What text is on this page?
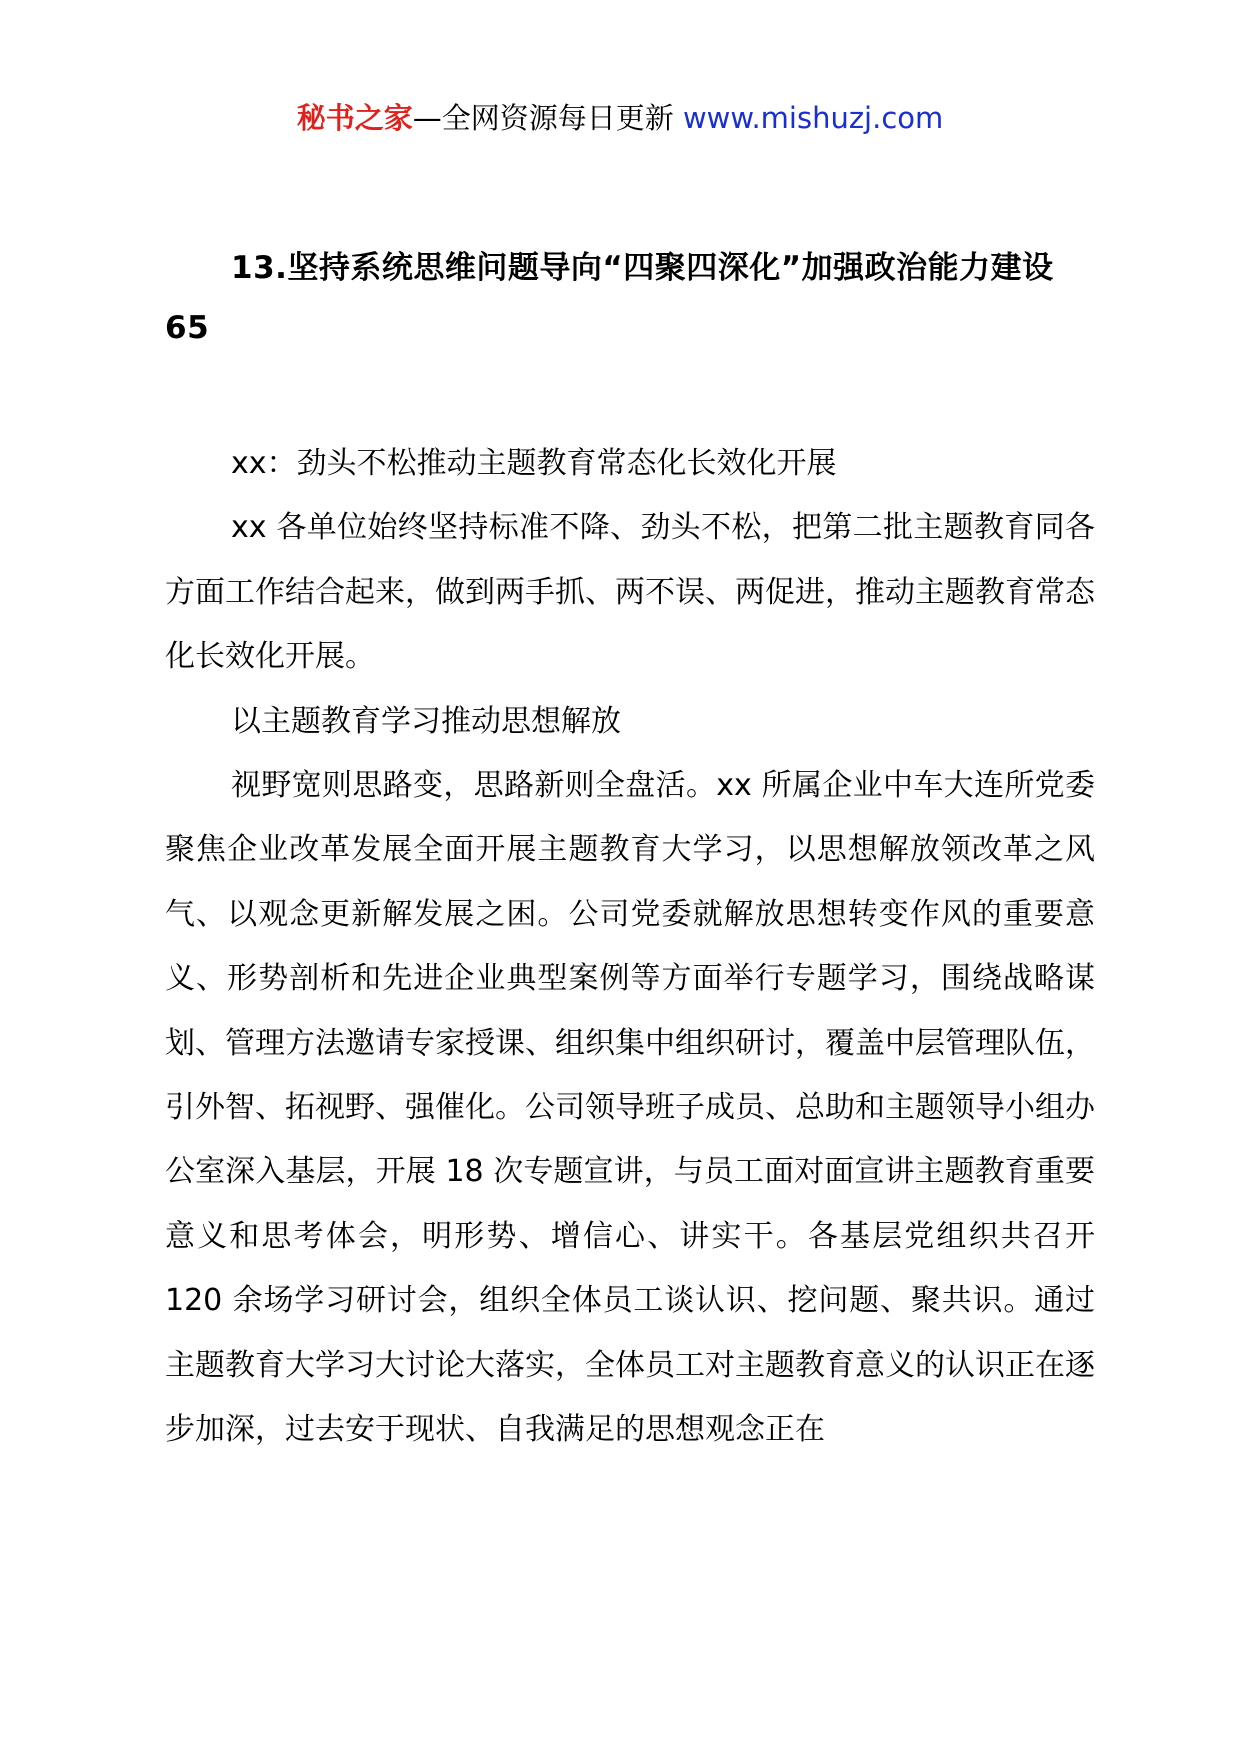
秘书之家—全网资源每日更新 www.mishuzj.com
13.坚持系统思维问题导向“四聚四深化”加强政治能力建设 65

xx：劲头不松推动主题教育常态化长效化开展

xx 各单位始终坚持标准不降、劲头不松，把第二批主题教育同各方面工作结合起来，做到两手抓、两不误、两促进，推动主题教育常态化长效化开展。

以主题教育学习推动思想解放

视野宽则思路变，思路新则全盘活。xx 所属企业中车大连所党委聚焦企业改革发展全面开展主题教育大学习，以思想解放领改革之风气、以观念更新解发展之困。公司党委就解放思想转变作风的重要意义、形势剖析和先进企业典型案例等方面举行专题学习，围绕战略谋划、管理方法邀请专家授课、组织集中组织研讨，覆盖中层管理队伍，引外智、拓视野、强催化。公司领导班子成员、总助和主题领导小组办公室深入基层，开展 18 次专题宣讲，与员工面对面宣讲主题教育重要意义和思考体会，明形势、增信心、讲实干。各基层党组织共召开 120 余场学习研讨会，组织全体员工谈认识、挖问题、聚共识。通过主题教育大学习大讨论大落实，全体员工对主题教育意义的认识正在逐步加深，过去安于现状、自我满足的思想观念正在
